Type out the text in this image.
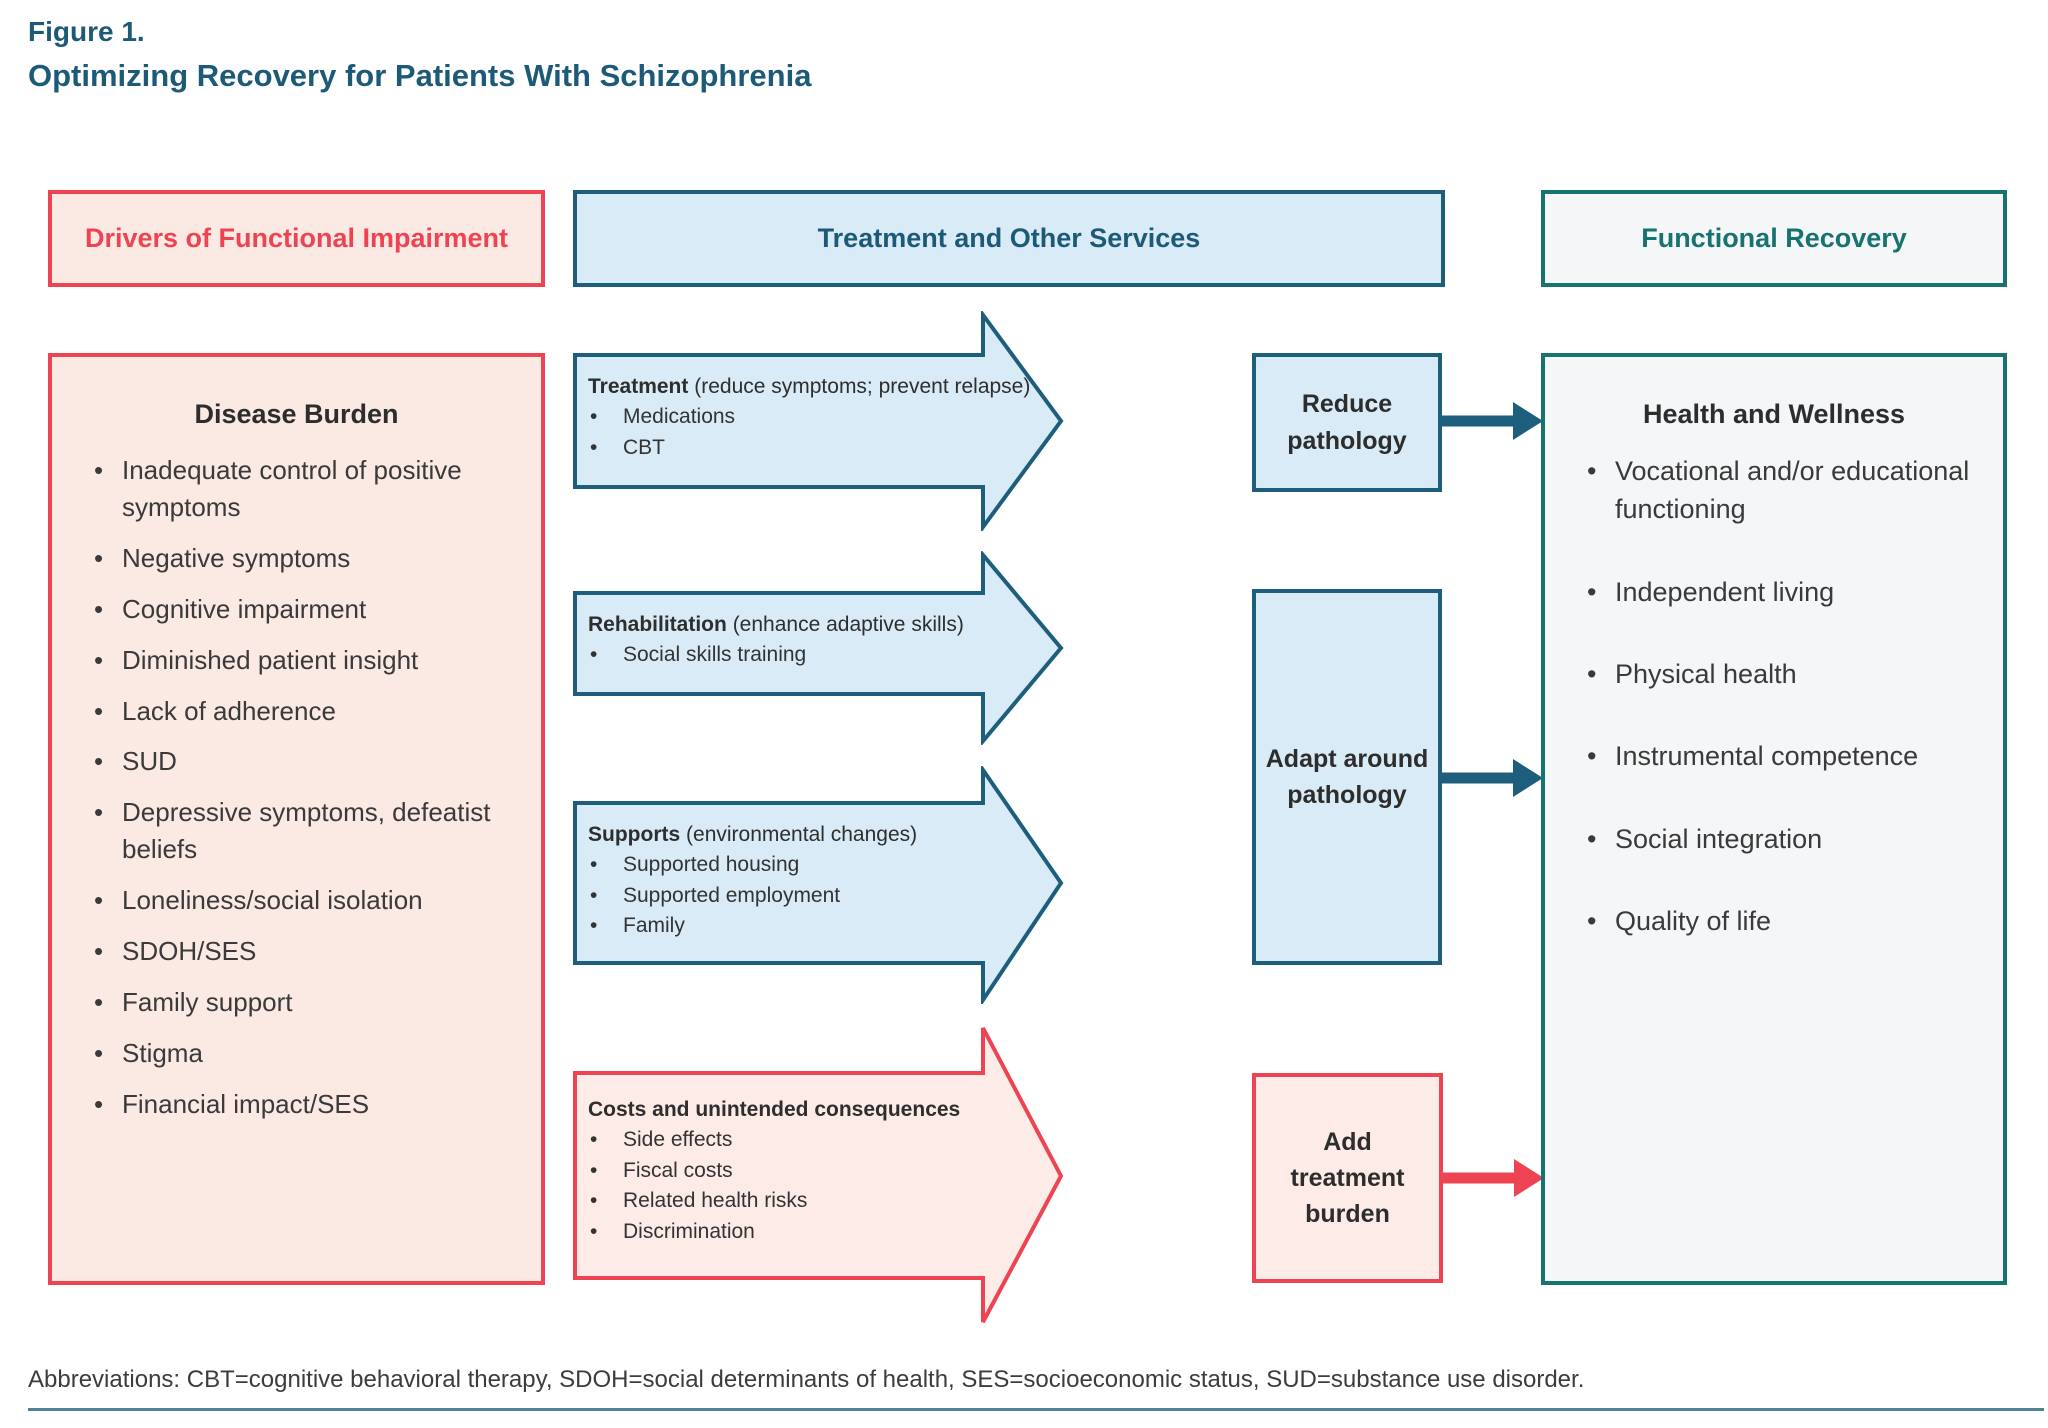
Figure 1.
Optimizing Recovery for Patients With Schizophrenia
Drivers of Functional Impairment	Treatment and Other Services	Functional Recovery
Disease Burden
• Inadequate control of positive symptoms
• Negative symptoms
• Cognitive impairment
• Diminished patient insight
• Lack of adherence
• SUD
• Depressive symptoms, defeatist beliefs
• Loneliness/social isolation
• SDOH/SES
• Family support
• Stigma
• Financial impact/SES
Treatment (reduce symptoms; prevent relapse)
• Medications
• CBT
Rehabilitation (enhance adaptive skills)
• Social skills training
Supports (environmental changes)
• Supported housing
• Supported employment
• Family
Costs and unintended consequences
• Side effects
• Fiscal costs
• Related health risks
• Discrimination
Reduce pathology
Adapt around pathology
Add treatment burden
Health and Wellness
• Vocational and/or educational functioning
• Independent living
• Physical health
• Instrumental competence
• Social integration
• Quality of life
Abbreviations: CBT=cognitive behavioral therapy, SDOH=social determinants of health, SES=socioeconomic status, SUD=substance use disorder.
